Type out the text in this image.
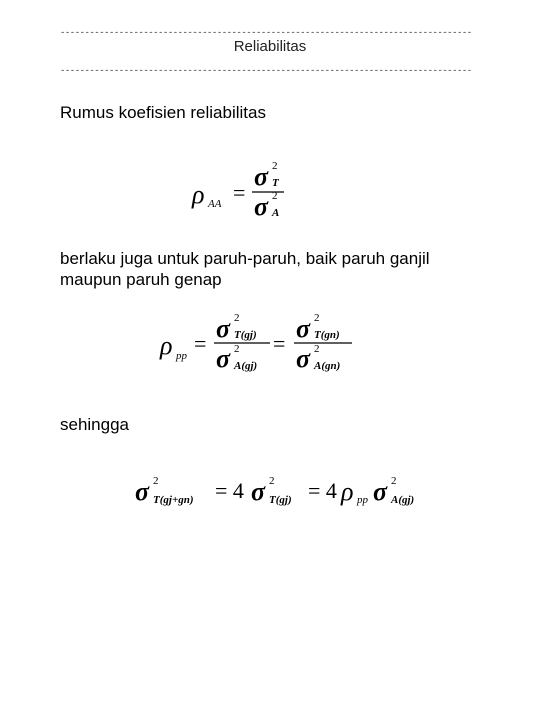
------------------------------------------------------------------------------------
Reliabilitas
------------------------------------------------------------------------------------
Rumus koefisien reliabilitas
ρ AA =
σ 2
T
σ 2
A
berlaku juga untuk paruh-paruh, baik paruh ganjil maupun paruh genap
ρ pp =
σ 2
T(gj)
σ 2
A(gj)
=
σ 2
T(gn)
σ 2
A(gn)
sehingga
σ 2
T(gj+gn) = 4 σ 2
T(gj) = 4 ρ pp σ 2
A(gj)
